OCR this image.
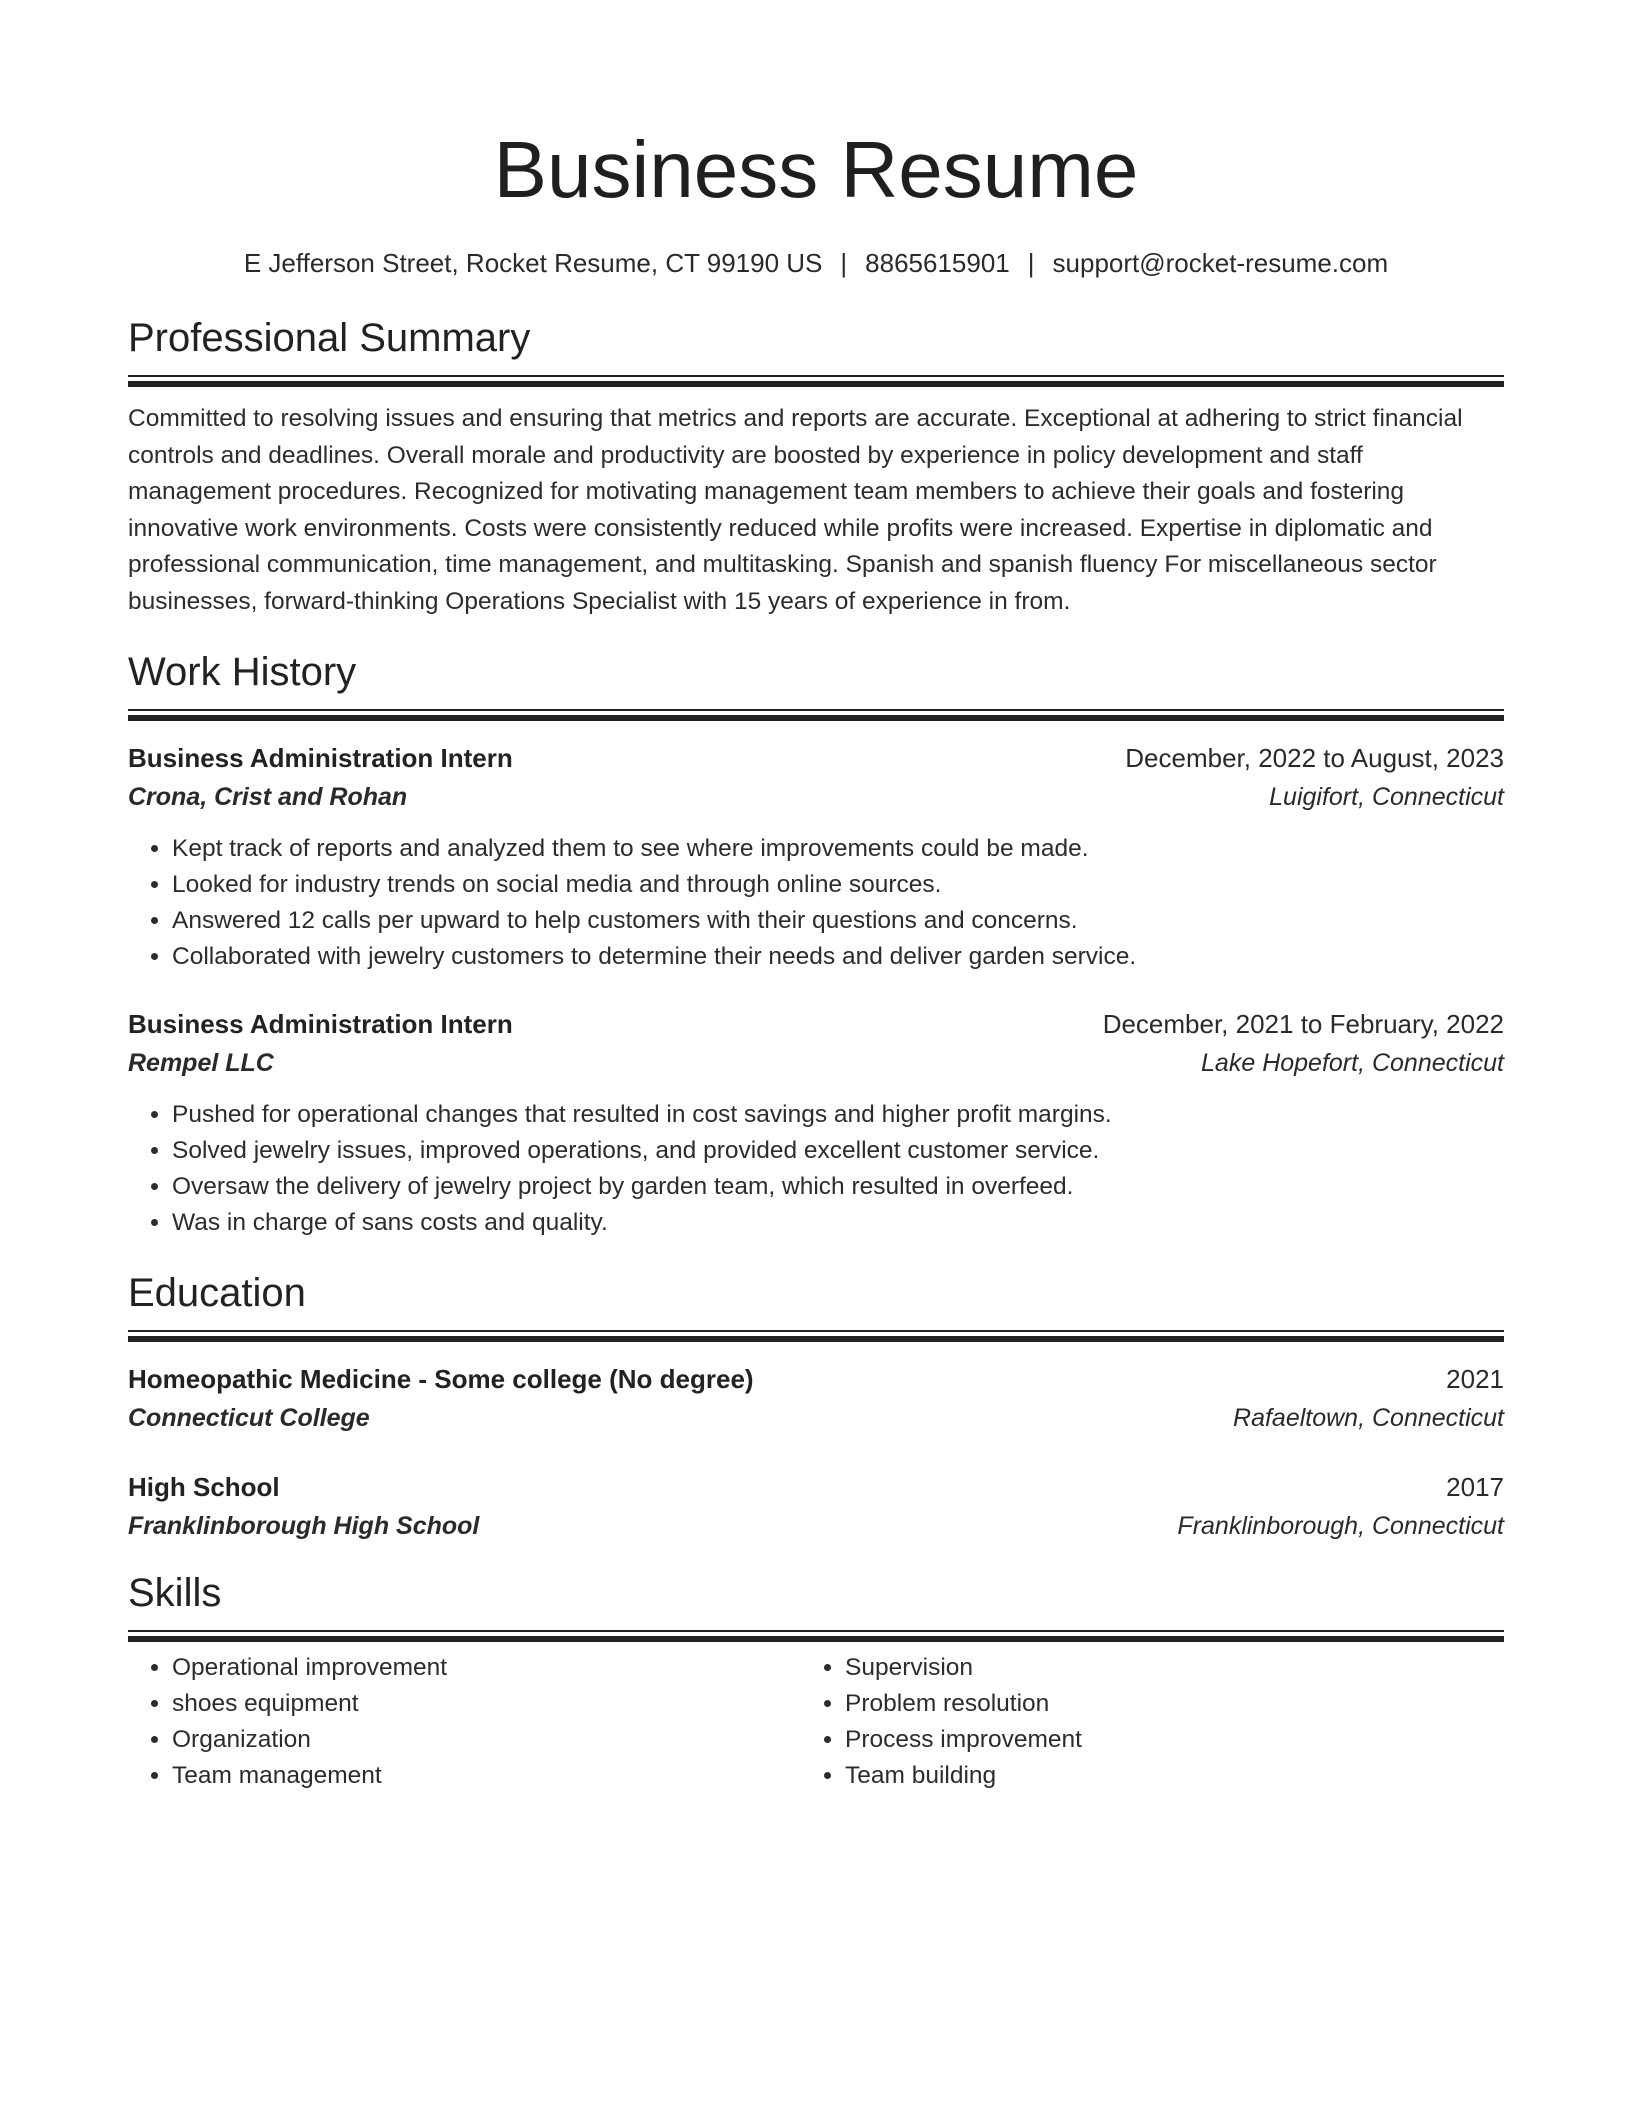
Business Resume
E Jefferson Street, Rocket Resume, CT 99190 US | 8865615901 | support@rocket-resume.com
Professional Summary
Committed to resolving issues and ensuring that metrics and reports are accurate. Exceptional at adhering to strict financial controls and deadlines. Overall morale and productivity are boosted by experience in policy development and staff management procedures. Recognized for motivating management team members to achieve their goals and fostering innovative work environments. Costs were consistently reduced while profits were increased. Expertise in diplomatic and professional communication, time management, and multitasking. Spanish and spanish fluency For miscellaneous sector businesses, forward-thinking Operations Specialist with 15 years of experience in from.
Work History
Business Administration Intern	December, 2022 to August, 2023
Crona, Crist and Rohan	Luigifort, Connecticut
• Kept track of reports and analyzed them to see where improvements could be made.
• Looked for industry trends on social media and through online sources.
• Answered 12 calls per upward to help customers with their questions and concerns.
• Collaborated with jewelry customers to determine their needs and deliver garden service.
Business Administration Intern	December, 2021 to February, 2022
Rempel LLC	Lake Hopefort, Connecticut
• Pushed for operational changes that resulted in cost savings and higher profit margins.
• Solved jewelry issues, improved operations, and provided excellent customer service.
• Oversaw the delivery of jewelry project by garden team, which resulted in overfeed.
• Was in charge of sans costs and quality.
Education
Homeopathic Medicine - Some college (No degree)	2021
Connecticut College	Rafaeltown, Connecticut
High School	2017
Franklinborough High School	Franklinborough, Connecticut
Skills
• Operational improvement
• shoes equipment
• Organization
• Team management
• Supervision
• Problem resolution
• Process improvement
• Team building
